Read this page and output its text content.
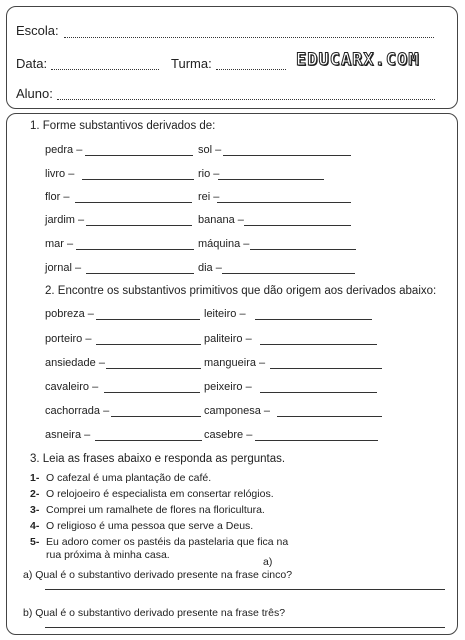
Escola:
Data:	Turma:	EDUCARX.COM
Aluno:
1. Forme substantivos derivados de:
pedra –	sol –
livro –	rio –
flor –	rei –
jardim –	banana –
mar –	máquina –
jornal –	dia –
2. Encontre os substantivos primitivos que dão origem aos derivados abaixo:
pobreza –	leiteiro –
porteiro –	paliteiro –
ansiedade –	mangueira –
cavaleiro –	peixeiro –
cachorrada –	camponesa –
asneira –	casebre –
3. Leia as frases abaixo e responda as perguntas.
1- O cafezal é uma plantação de café.
2- O relojoeiro é especialista em consertar relógios.
3- Comprei um ramalhete de flores na floricultura.
4- O religioso é uma pessoa que serve a Deus.
5- Eu adoro comer os pastéis da pastelaria que fica na
rua próxima à minha casa.
a)
a) Qual é o substantivo derivado presente na frase cinco?
b) Qual é o substantivo derivado presente na frase três?
